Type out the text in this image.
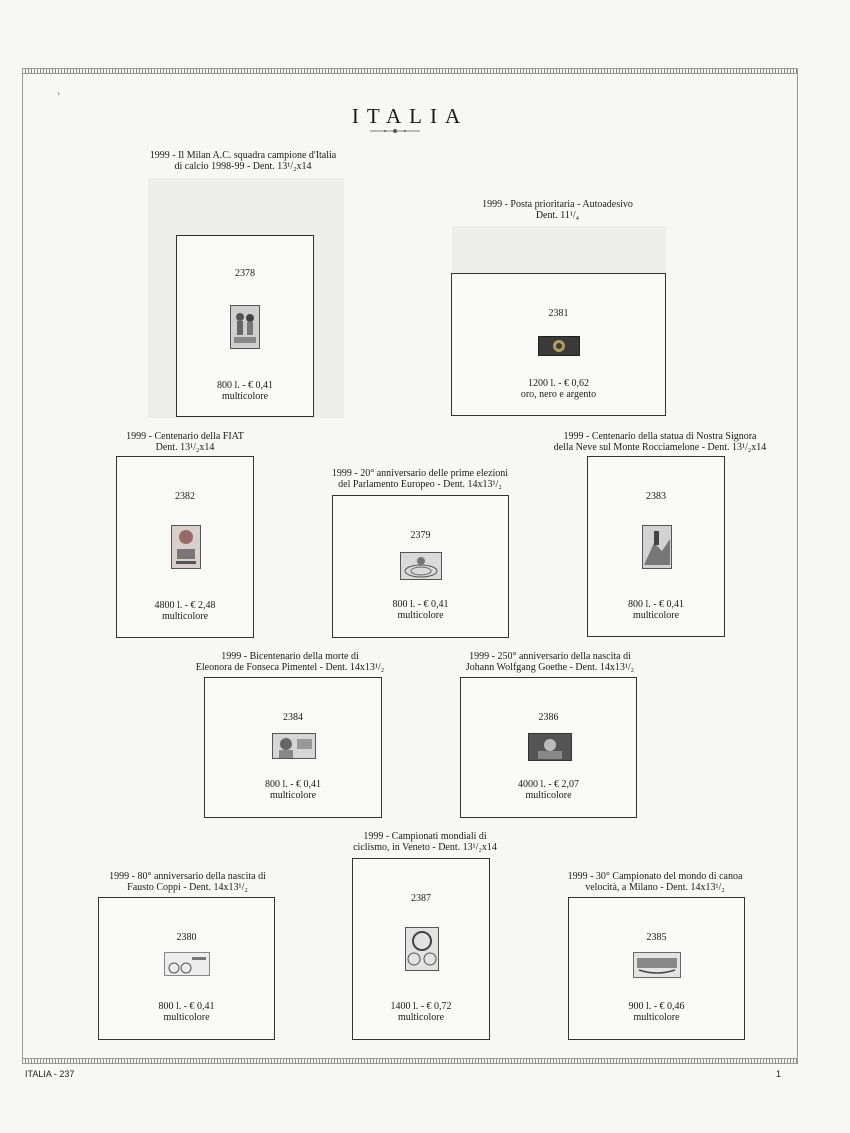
›
ITALIA
1999 - Il Milan A.C. squadra campione d'Italia
di calcio 1998-99 - Dent. 13¹/₂x14
2378
800 l. - € 0,41
multicolore
1999 - Posta prioritaria - Autoadesivo
Dent. 11¹/₄
2381
1200 l. - € 0,62
oro, nero e argento
1999 - Centenario della FIAT
Dent. 13¹/₂x14
2382
4800 l. - € 2,48
multicolore
1999 - 20° anniversario delle prime elezioni
del Parlamento Europeo - Dent. 14x13¹/₂
2379
800 l. - € 0,41
multicolore
1999 - Centenario della statua di Nostra Signora
della Neve sul Monte Rocciamelone - Dent. 13¹/₂x14
2383
800 l. - € 0,41
multicolore
1999 - Bicentenario della morte di
Eleonora de Fonseca Pimentel - Dent. 14x13¹/₂
2384
800 l. - € 0,41
multicolore
1999 - 250° anniversario della nascita di
Johann Wolfgang Goethe - Dent. 14x13¹/₂
2386
4000 l. - € 2,07
multicolore
1999 - Campionati mondiali di
ciclismo, in Veneto - Dent. 13¹/₂x14
2387
1400 l. - € 0,72
multicolore
1999 - 80° anniversario della nascita di
Fausto Coppi - Dent. 14x13¹/₂
2380
800 l. - € 0,41
multicolore
1999 - 30° Campionato del mondo di canoa
velocità, a Milano - Dent. 14x13¹/₂
2385
900 l. - € 0,46
multicolore
ITALIA - 237	1
